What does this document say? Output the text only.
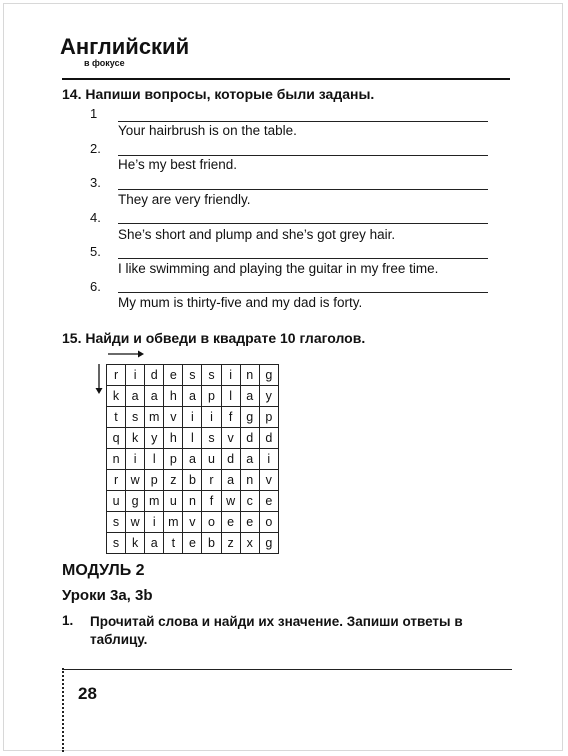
Английский
в фокусе
14. Напиши вопросы, которые были заданы.
1
Your hairbrush is on the table.
2.
He’s my best friend.
3.
They are very friendly.
4.
She’s short and plump and she’s got grey hair.
5.
I like swimming and playing the guitar in my free time.
6.
My mum is thirty-five and my dad is forty.
15. Найди и обведи в квадрате 10 глаголов.
r	i	d	e	s	s	i	n	g
k	a	a	h	a	p	l	a	y
t	s	m	v	i	i	f	g	p
q	k	y	h	l	s	v	d	d
n	i	l	p	a	u	d	a	i
r	w	p	z	b	r	a	n	v
u	g	m	u	n	f	w	c	e
s	w	i	m	v	o	e	e	o
s	k	a	t	e	b	z	x	g
МОДУЛЬ 2
Уроки 3a, 3b
1. Прочитай слова и найди их значение. Запиши ответы в таблицу.
28
